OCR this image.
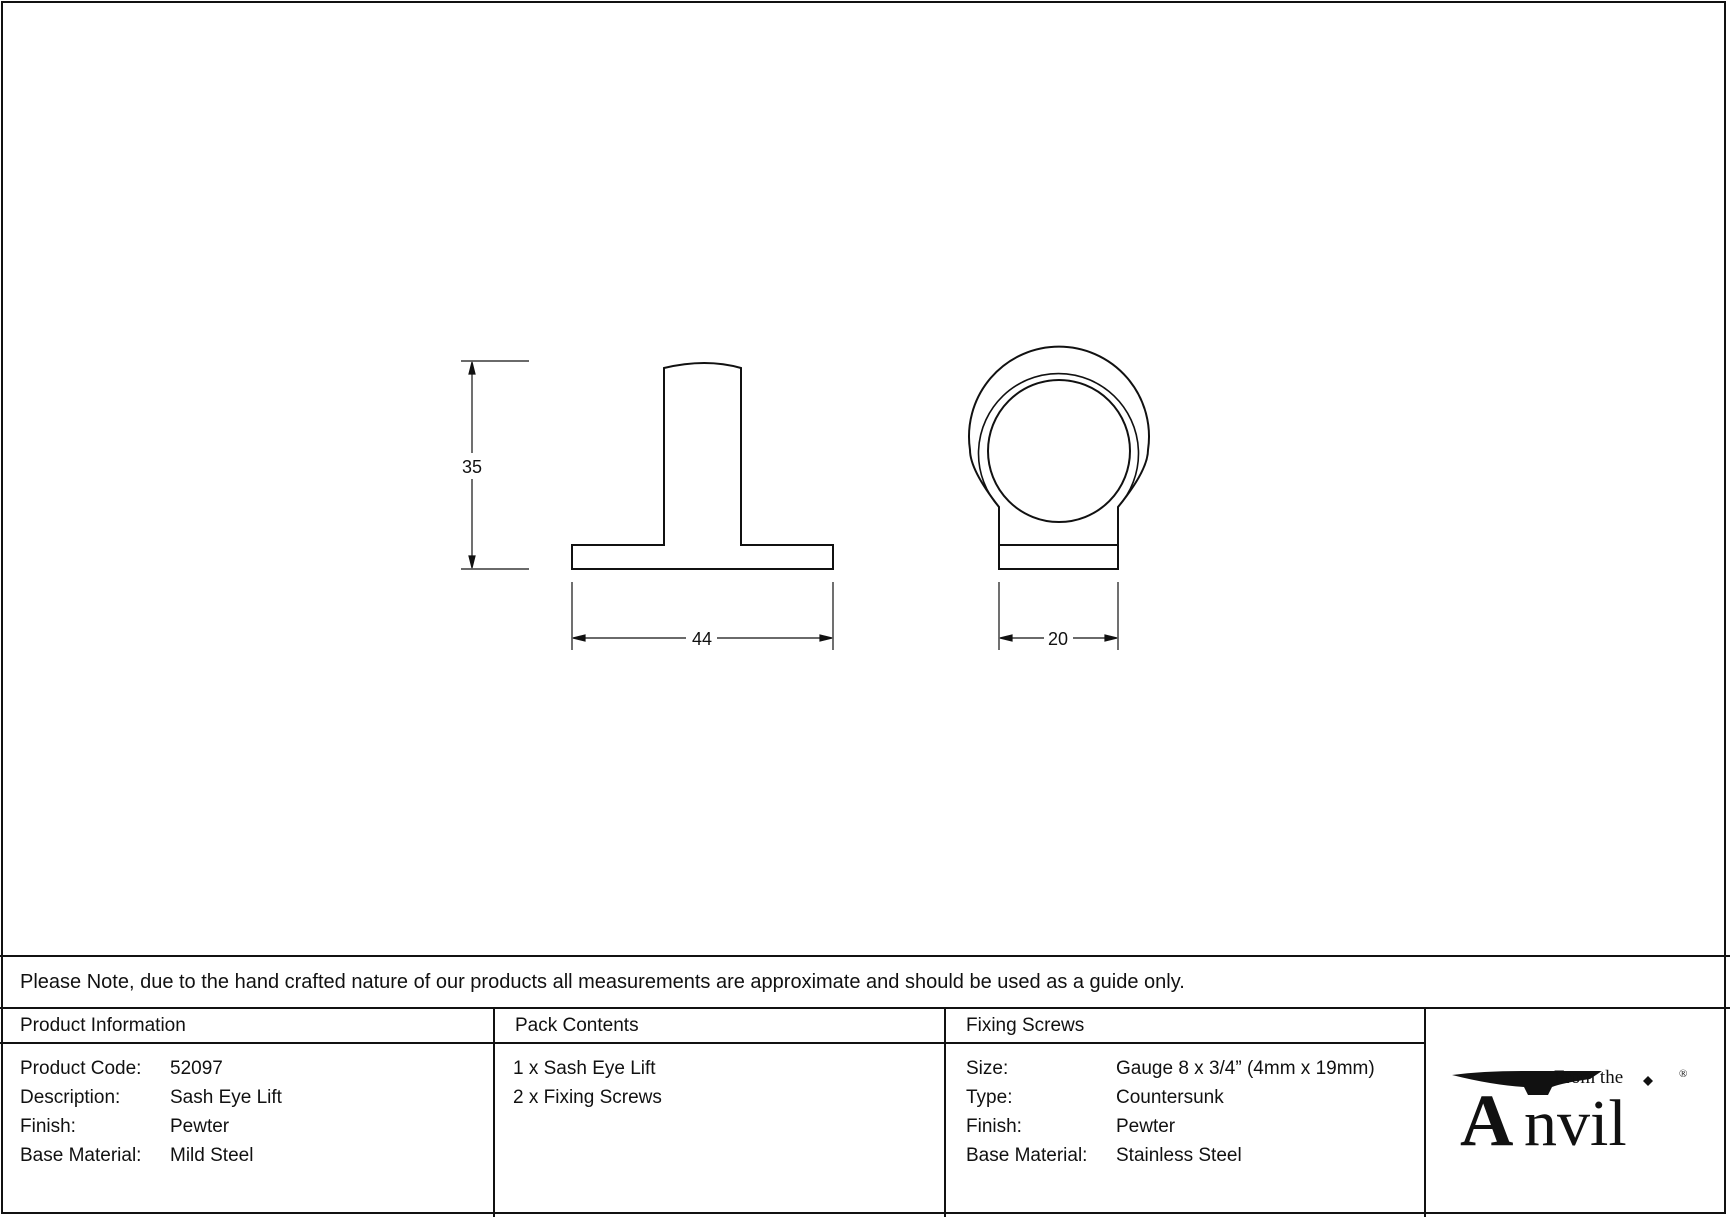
35
44	20
Please Note, due to the hand crafted nature of our products all measurements are approximate and should be used as a guide only.
Product Information
Product Code: 52097
Description:	Sash Eye Lift
Finish:	Pewter
Base Material: Mild Steel
Pack Contents
1 x Sash Eye Lift
2 x Fixing Screws
Fixing Screws
Size:	Gauge 8 x 3/4” (4mm x 19mm)
Type:	Countersunk
Finish:	Pewter
Base Material: Stainless Steel	A nvil
From the	®
